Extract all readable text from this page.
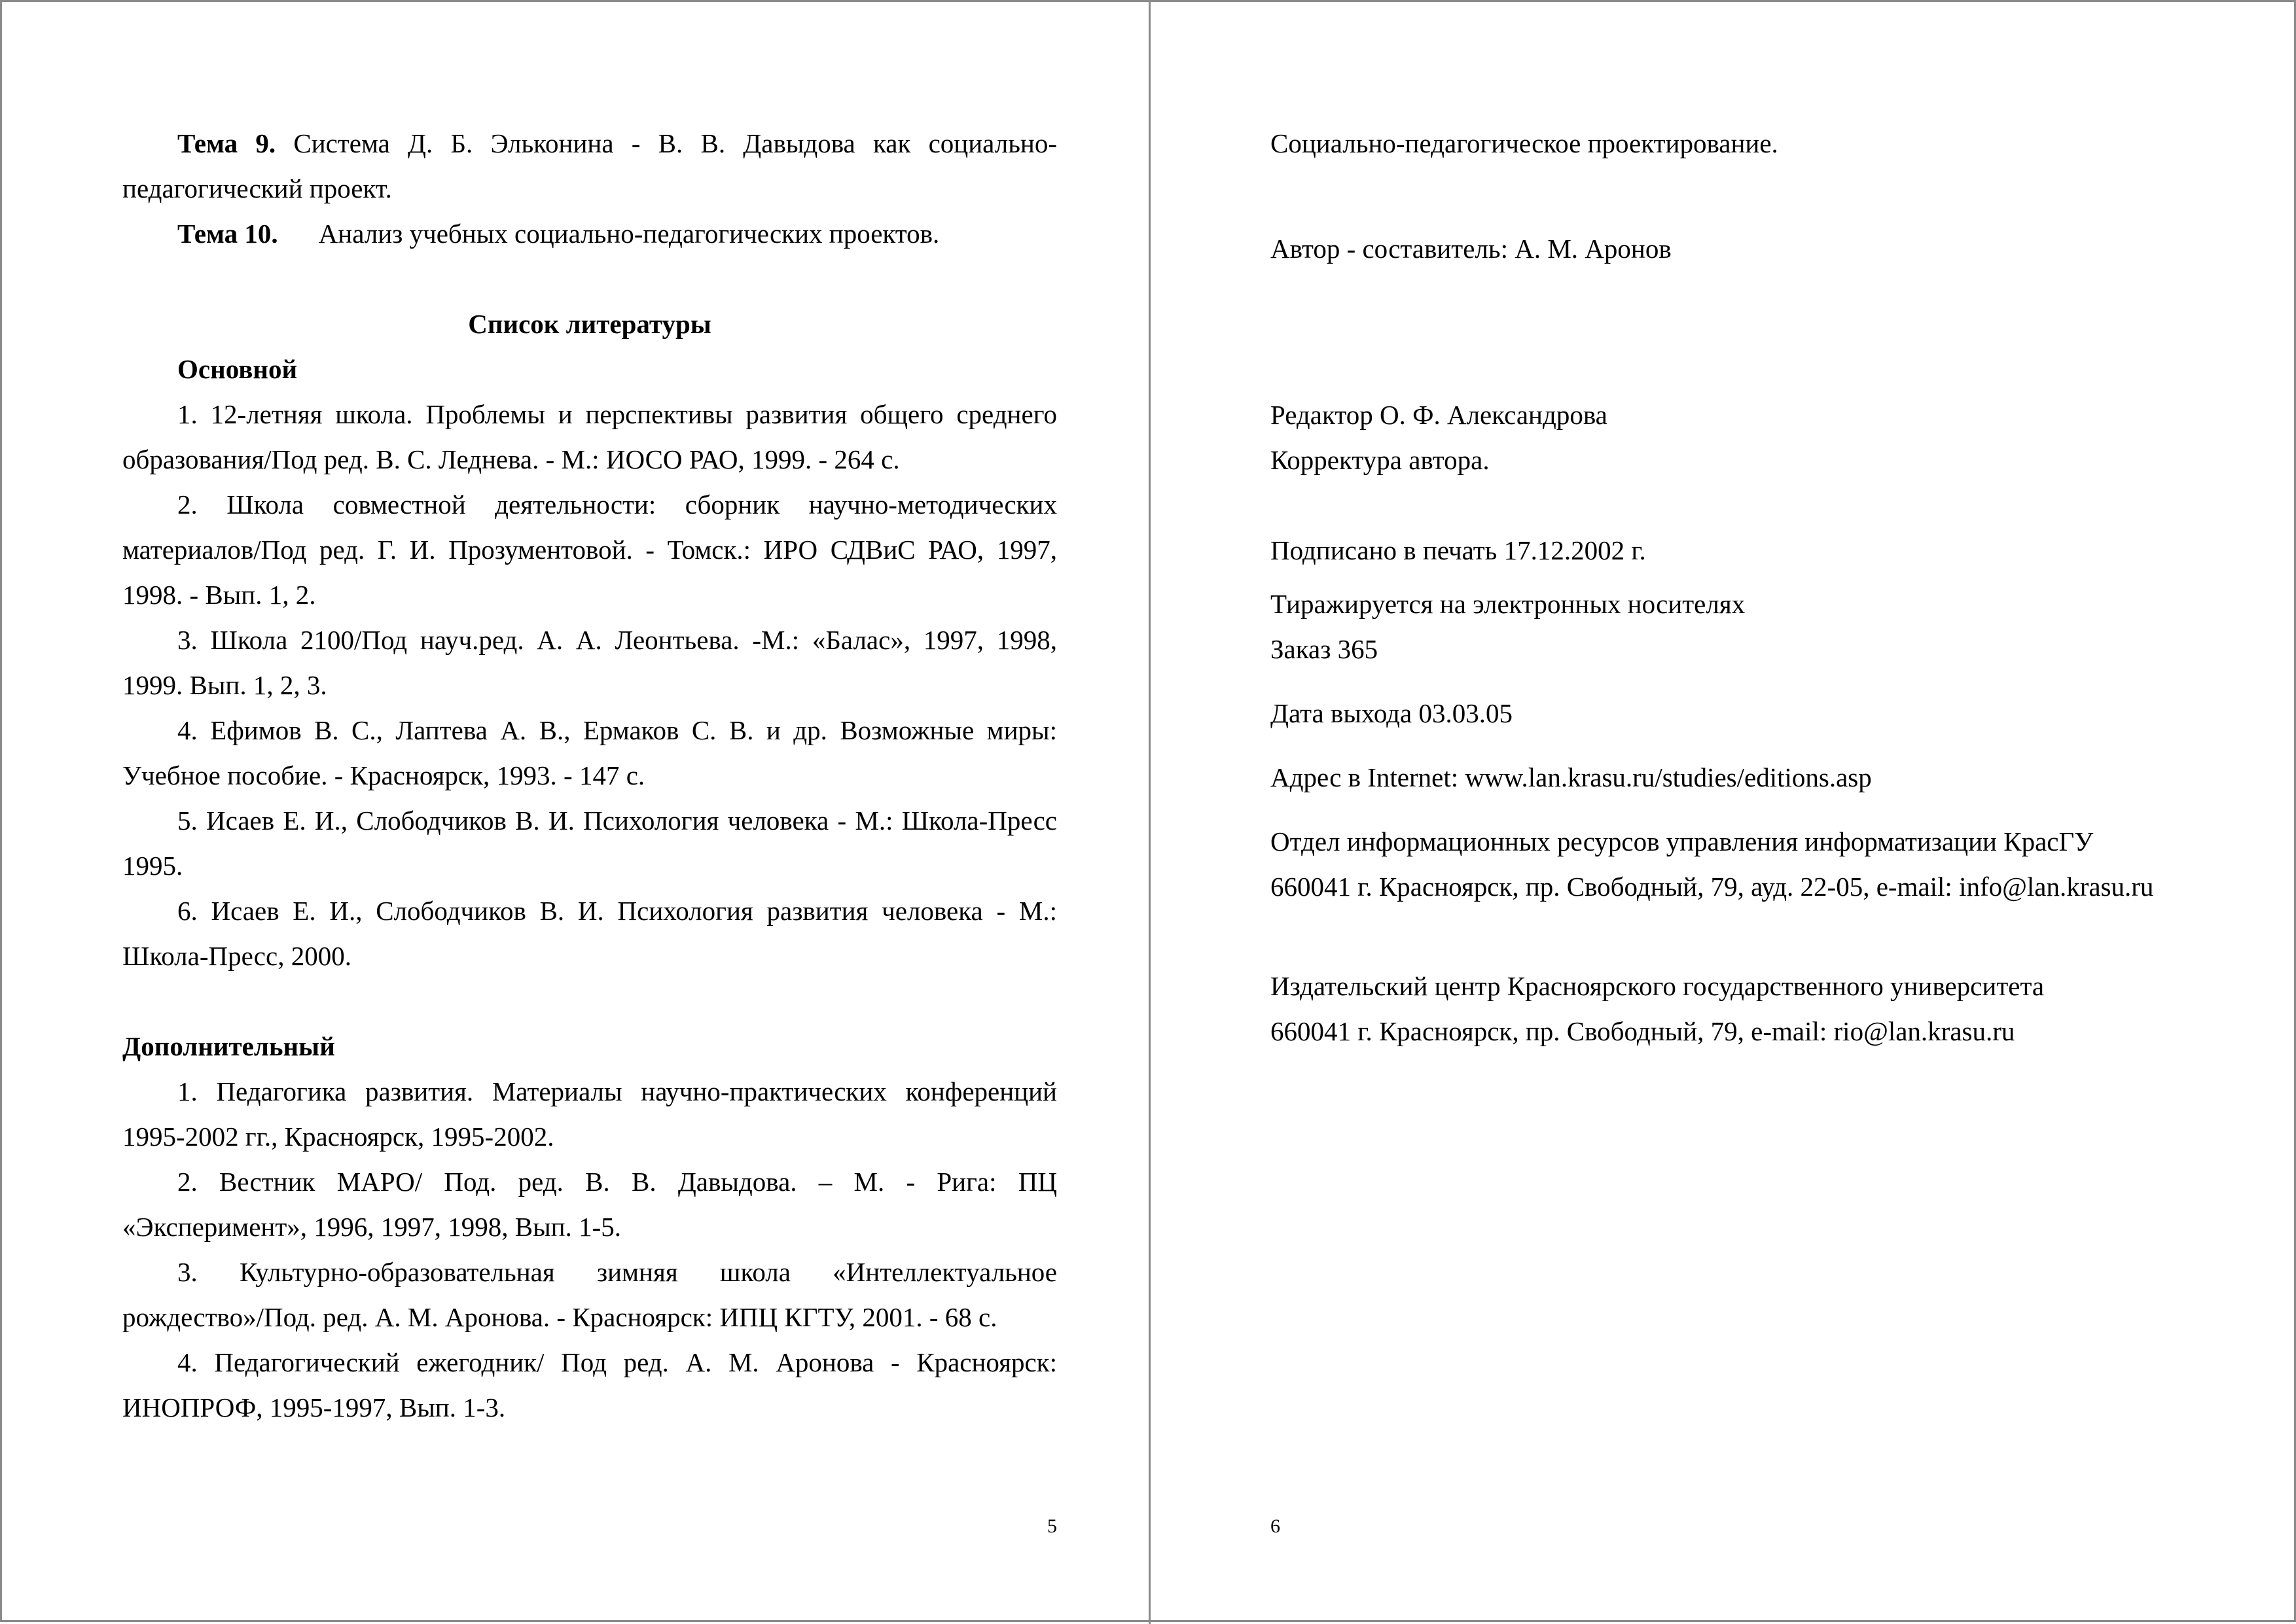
Тема 9. Система Д. Б. Эльконина - В. В. Давыдова как социально-педагогический проект.

Тема 10. Анализ учебных социально-педагогических проектов.

Список литературы

Основной

1. 12-летняя школа. Проблемы и перспективы развития общего среднего образования/Под ред. В. С. Леднева. - М.: ИОСО РАО, 1999. - 264 с.

2. Школа совместной деятельности: сборник научно-методических материалов/Под ред. Г. И. Прозументовой. - Томск.: ИРО СДВиС РАО, 1997, 1998. - Вып. 1, 2.

3. Школа 2100/Под науч.ред. А. А. Леонтьева. -М.: «Балас», 1997, 1998, 1999. Вып. 1, 2, 3.

4. Ефимов В. С., Лаптева А. В., Ермаков С. В. и др. Возможные миры: Учебное пособие. - Красноярск, 1993. - 147 с.

5. Исаев Е. И., Слободчиков В. И. Психология человека - М.: Школа-Пресс 1995.

6. Исаев Е. И., Слободчиков В. И. Психология развития человека - М.: Школа-Пресс, 2000.

Дополнительный

1. Педагогика развития. Материалы научно-практических конференций 1995-2002 гг., Красноярск, 1995-2002.

2. Вестник МАРО/ Под. ред. В. В. Давыдова. – М. - Рига: ПЦ «Эксперимент», 1996, 1997, 1998, Вып. 1-5.

3. Культурно-образовательная зимняя школа «Интеллектуальное рождество»/Под. ред. А. М. Аронова. - Красноярск: ИПЦ КГТУ, 2001. - 68 с.

4. Педагогический ежегодник/ Под ред. А. М. Аронова - Красноярск: ИНОПРОФ, 1995-1997, Вып. 1-3.

5

Социально-педагогическое проектирование.

Автор - составитель: А. М. Аронов

Редактор О. Ф. Александрова

Корректура автора.

Подписано в печать 17.12.2002 г.

Тиражируется на электронных носителях

Заказ 365

Дата выхода 03.03.05

Адрес в Internet: www.lan.krasu.ru/studies/editions.asp

Отдел информационных ресурсов управления информатизации КрасГУ

660041 г. Красноярск, пр. Свободный, 79, ауд. 22-05, e-mail: info@lan.krasu.ru

Издательский центр Красноярского государственного университета

660041 г. Красноярск, пр. Свободный, 79, e-mail: rio@lan.krasu.ru

6
